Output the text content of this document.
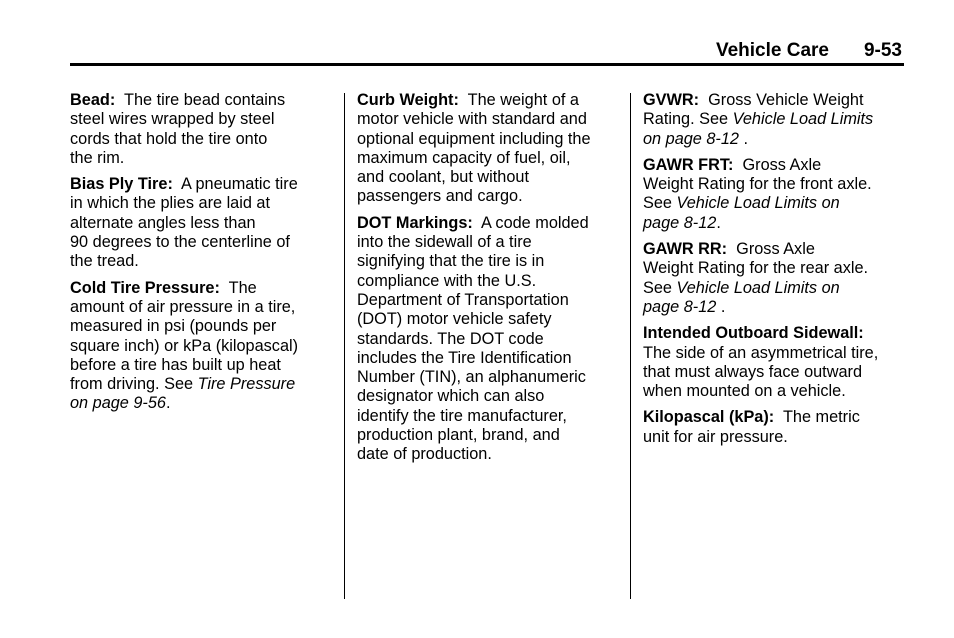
Vehicle Care 9-53

Bead:  The tire bead contains
steel wires wrapped by steel
cords that hold the tire onto
the rim.

Bias Ply Tire:  A pneumatic tire
in which the plies are laid at
alternate angles less than
90 degrees to the centerline of
the tread.

Cold Tire Pressure:  The
amount of air pressure in a tire,
measured in psi (pounds per
square inch) or kPa (kilopascal)
before a tire has built up heat
from driving. See Tire Pressure
on page 9-56.

Curb Weight:  The weight of a
motor vehicle with standard and
optional equipment including the
maximum capacity of fuel, oil,
and coolant, but without
passengers and cargo.

DOT Markings:  A code molded
into the sidewall of a tire
signifying that the tire is in
compliance with the U.S.
Department of Transportation
(DOT) motor vehicle safety
standards. The DOT code
includes the Tire Identification
Number (TIN), an alphanumeric
designator which can also
identify the tire manufacturer,
production plant, brand, and
date of production.

GVWR:  Gross Vehicle Weight
Rating. See Vehicle Load Limits
on page 8-12 .

GAWR FRT:  Gross Axle
Weight Rating for the front axle.
See Vehicle Load Limits on
page 8-12.

GAWR RR:  Gross Axle
Weight Rating for the rear axle.
See Vehicle Load Limits on
page 8-12 .

Intended Outboard Sidewall:
The side of an asymmetrical tire,
that must always face outward
when mounted on a vehicle.

Kilopascal (kPa):  The metric
unit for air pressure.
